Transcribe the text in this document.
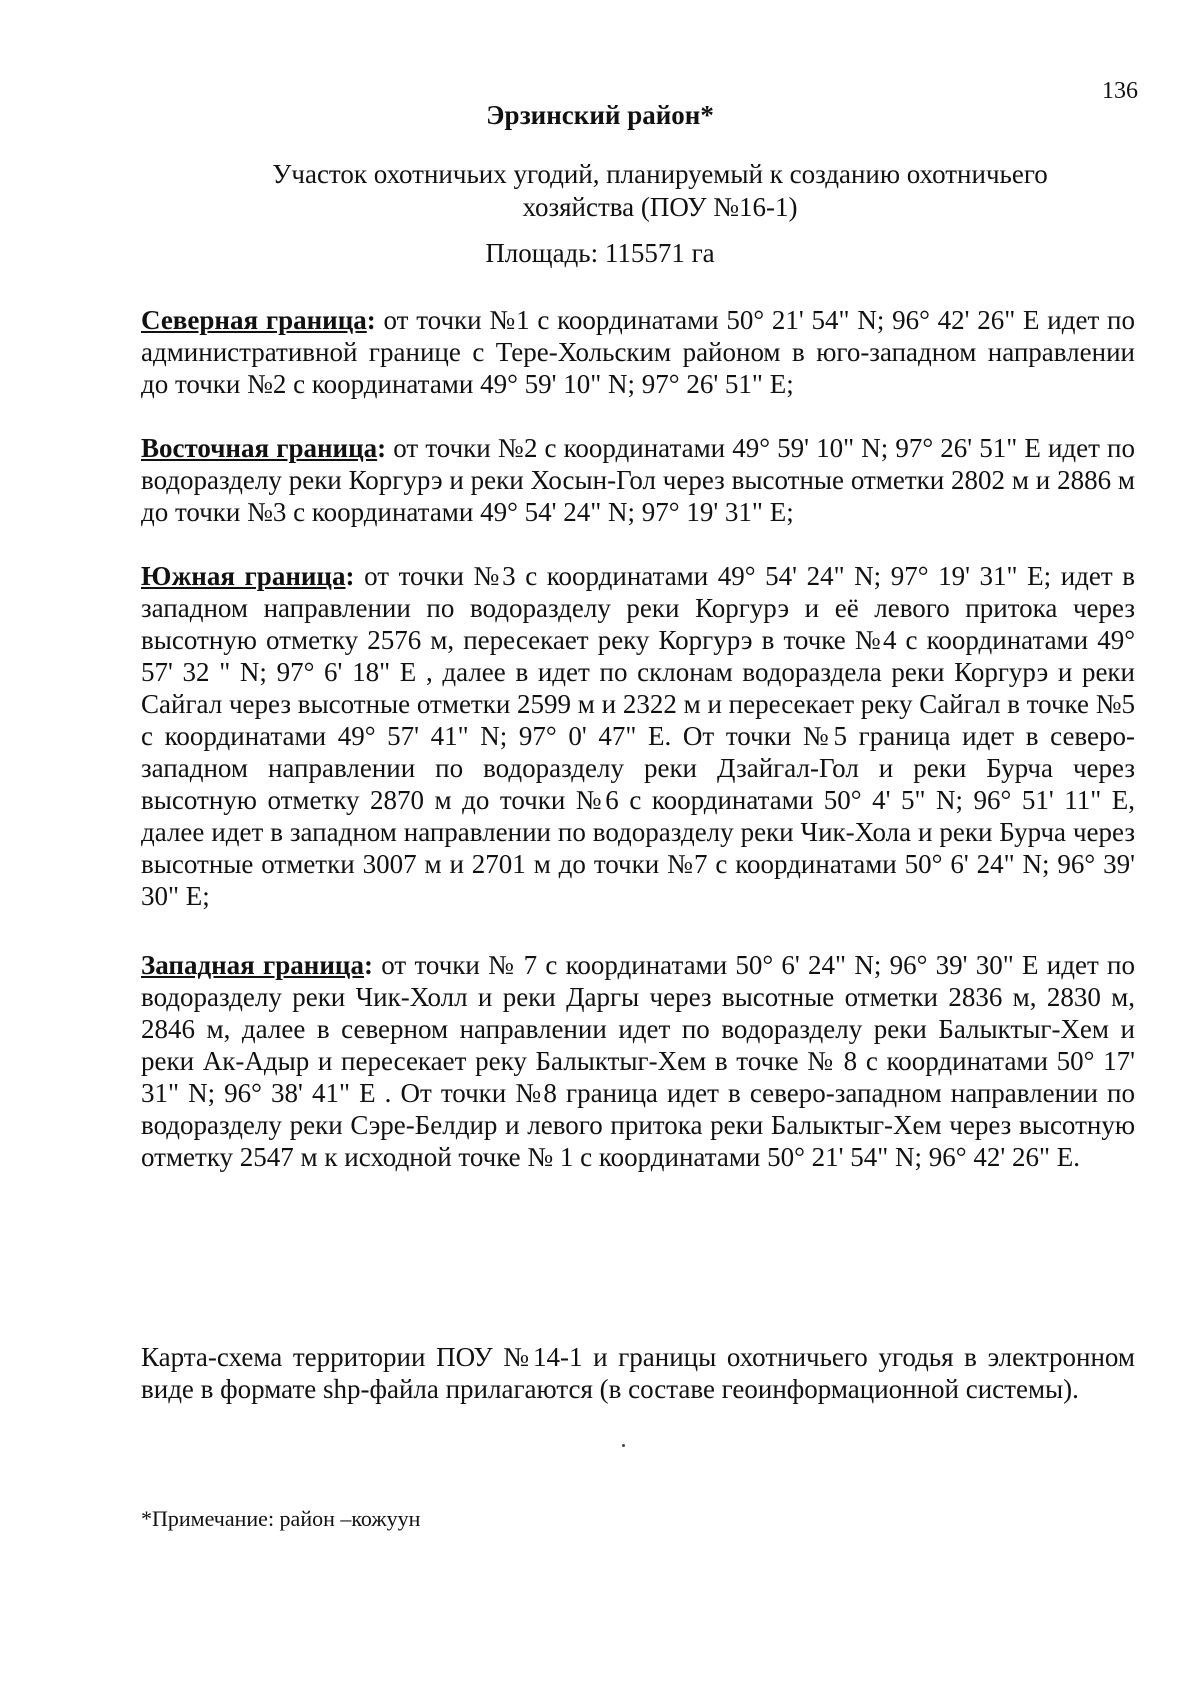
136
Эрзинский район*
Участок охотничьих угодий, планируемый к созданию охотничьего хозяйства (ПОУ №16-1)
Площадь: 115571 га
Северная граница: от точки №1 с координатами 50° 21' 54" N; 96° 42' 26" E идет по административной границе с Тере-Хольским районом в юго-западном направлении до точки №2 с координатами 49° 59' 10" N; 97° 26' 51" E;
Восточная граница: от точки №2 с координатами 49° 59' 10" N; 97° 26' 51" E идет по водоразделу реки Коргурэ и реки Хосын-Гол через высотные отметки 2802 м и 2886 м до точки №3 с координатами 49° 54' 24" N; 97° 19' 31" E;
Южная граница: от точки №3 с координатами 49° 54' 24" N; 97° 19' 31" E; идет в западном направлении по водоразделу реки Коргурэ и её левого притока через высотную отметку 2576 м, пересекает реку Коргурэ в точке №4 с координатами 49° 57' 32 " N; 97° 6' 18" E , далее в идет по склонам водораздела реки Коргурэ и реки Сайгал через высотные отметки 2599 м и 2322 м и пересекает реку Сайгал в точке №5 с координатами 49° 57' 41" N; 97° 0' 47" E. От точки №5 граница идет в северо-западном направлении по водоразделу реки Дзайгал-Гол и реки Бурча через высотную отметку 2870 м до точки №6 с координатами 50° 4' 5" N; 96° 51' 11" E, далее идет в западном направлении по водоразделу реки Чик-Хола и реки Бурча через высотные отметки 3007 м и 2701 м до точки №7 с координатами 50° 6' 24" N; 96° 39' 30" E;
Западная граница: от точки № 7 с координатами 50° 6' 24" N; 96° 39' 30" E идет по водоразделу реки Чик-Холл и реки Даргы через высотные отметки 2836 м, 2830 м, 2846 м, далее в северном направлении идет по водоразделу реки Балыктыг-Хем и реки Ак-Адыр и пересекает реку Балыктыг-Хем в точке № 8 с координатами 50° 17' 31" N; 96° 38' 41" E . От точки №8 граница идет в северо-западном направлении по водоразделу реки Сэре-Белдир и левого притока реки Балыктыг-Хем через высотную отметку 2547 м к исходной точке № 1 с координатами 50° 21' 54" N; 96° 42' 26" E.
Карта-схема территории ПОУ №14-1 и границы охотничьего угодья в электронном виде в формате shp-файла прилагаются (в составе геоинформационной системы).
*Примечание: район –кожуун
